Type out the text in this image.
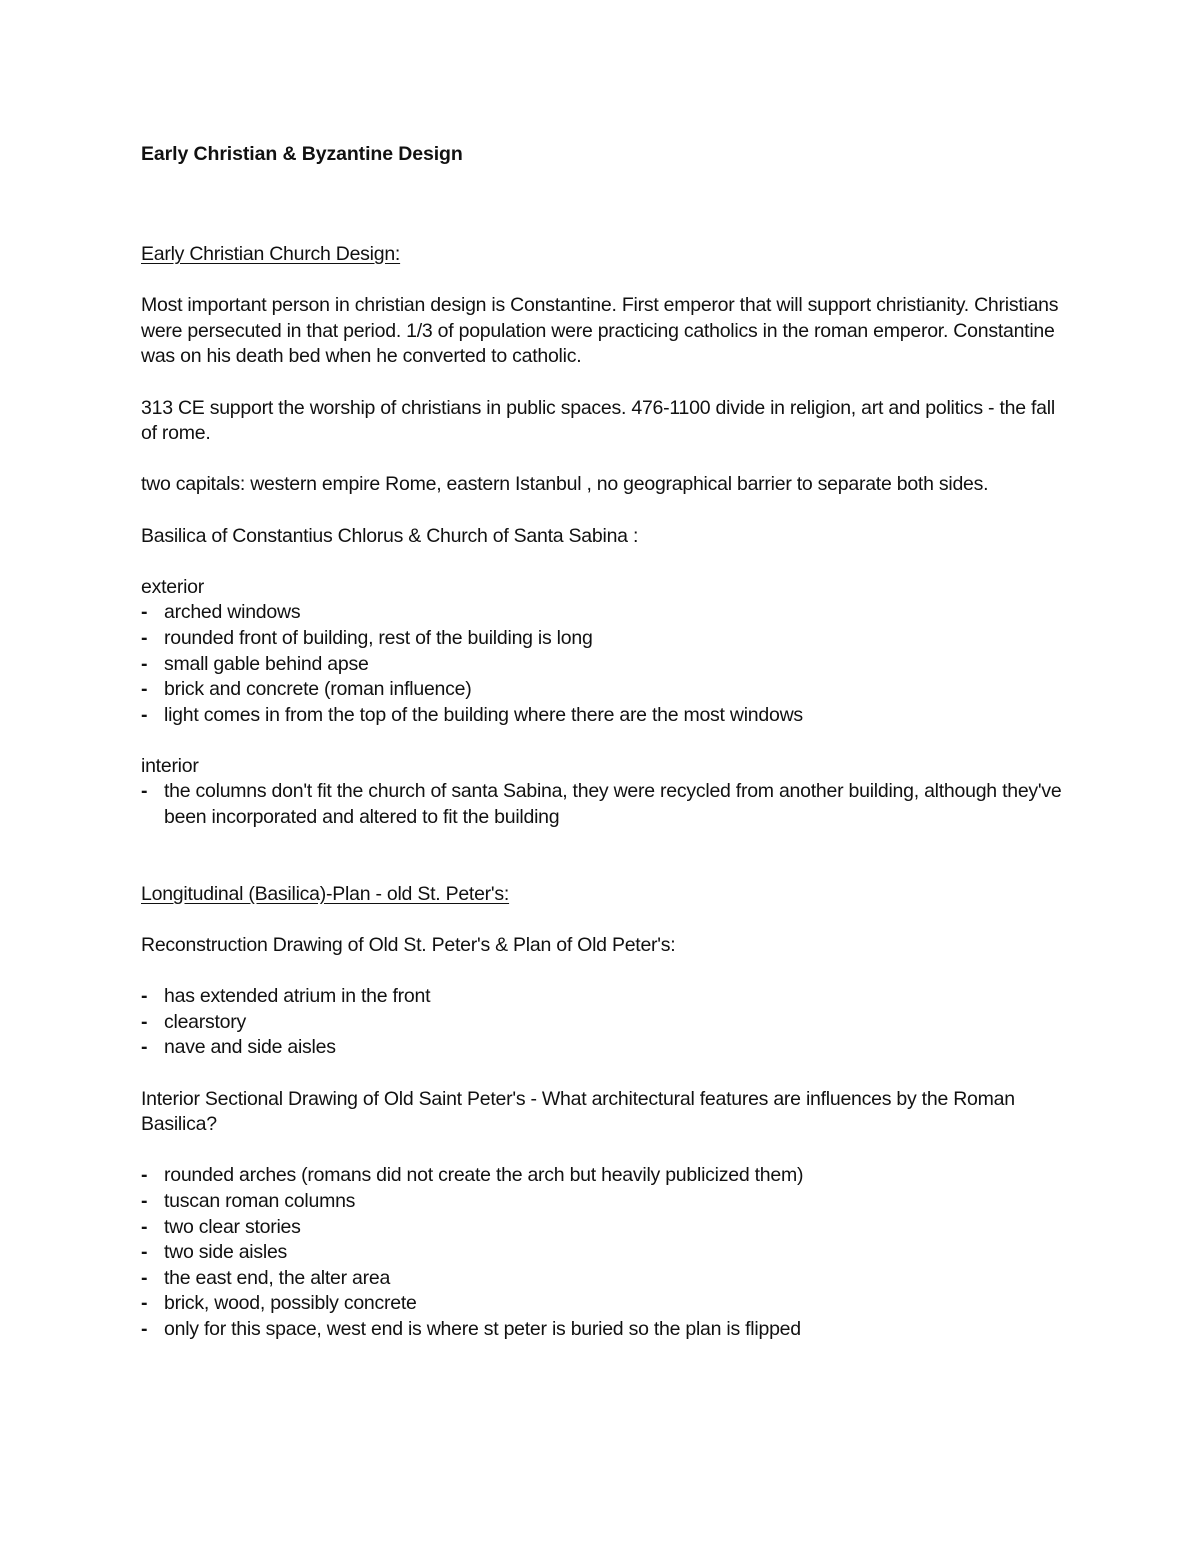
Early Christian & Byzantine Design

Early Christian Church Design:

Most important person in christian design is Constantine. First emperor that will support christianity. Christians were persecuted in that period. 1/3 of population were practicing catholics in the roman emperor. Constantine was on his death bed when he converted to catholic.

313 CE support the worship of christians in public spaces. 476-1100 divide in religion, art and politics - the fall of rome.

two capitals: western empire Rome, eastern Istanbul , no geographical barrier to separate both sides.

Basilica of Constantius Chlorus & Church of Santa Sabina :

exterior

- arched windows
- rounded front of building, rest of the building is long
- small gable behind apse
- brick and concrete (roman influence)
- light comes in from the top of the building where there are the most windows

interior

- the columns don't fit the church of santa Sabina, they were recycled from another building, although they've been incorporated and altered to fit the building

Longitudinal (Basilica)-Plan - old St. Peter's:

Reconstruction Drawing of Old St. Peter's & Plan of Old Peter's:

- has extended atrium in the front
- clearstory
- nave and side aisles

Interior Sectional Drawing of Old Saint Peter's - What architectural features are influences by the Roman Basilica?

- rounded arches (romans did not create the arch but heavily publicized them)
- tuscan roman columns
- two clear stories
- two side aisles
- the east end, the alter area
- brick, wood, possibly concrete
- only for this space, west end is where st peter is buried so the plan is flipped
